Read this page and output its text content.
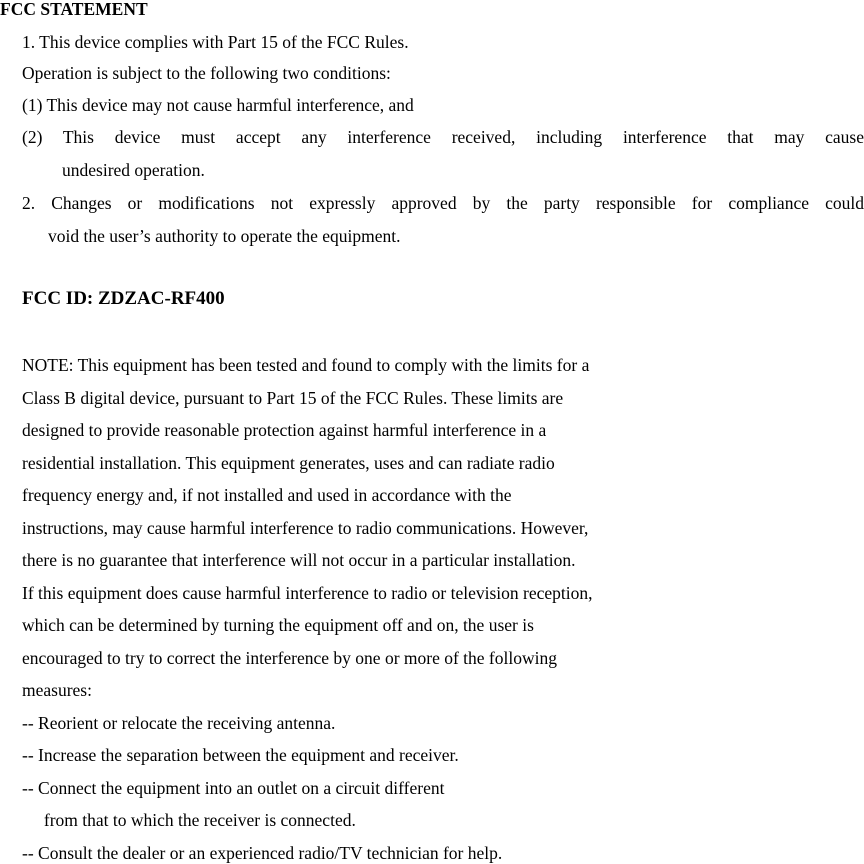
FCC STATEMENT
1. This device complies with Part 15 of the FCC Rules.
Operation is subject to the following two conditions:
(1) This device may not cause harmful interference, and
(2) This device must accept any interference received, including interference that may cause
undesired operation.
2. Changes or modifications not expressly approved by the party responsible for compliance could
void the user’s authority to operate the equipment.
FCC ID: ZDZAC-RF400
NOTE: This equipment has been tested and found to comply with the limits for a
Class B digital device, pursuant to Part 15 of the FCC Rules. These limits are
designed to provide reasonable protection against harmful interference in a
residential installation. This equipment generates, uses and can radiate radio
frequency energy and, if not installed and used in accordance with the
instructions, may cause harmful interference to radio communications. However,
there is no guarantee that interference will not occur in a particular installation.
If this equipment does cause harmful interference to radio or television reception,
which can be determined by turning the equipment off and on, the user is
encouraged to try to correct the interference by one or more of the following
measures:
-- Reorient or relocate the receiving antenna.
-- Increase the separation between the equipment and receiver.
-- Connect the equipment into an outlet on a circuit different
from that to which the receiver is connected.
-- Consult the dealer or an experienced radio/TV technician for help.
